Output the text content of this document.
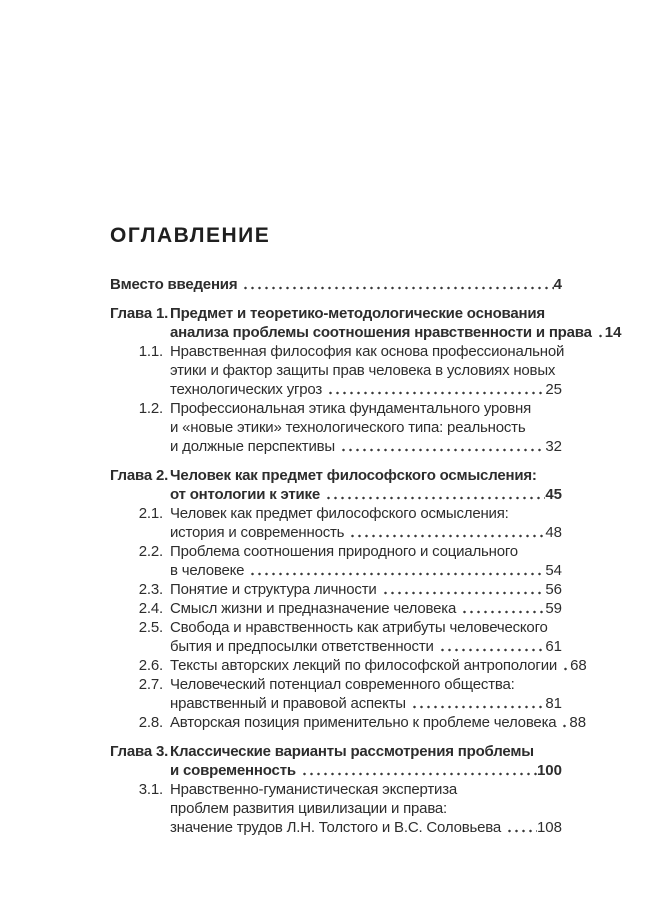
ОГЛАВЛЕНИЕ
Вместо введения	4
Глава 1. Предмет и теоретико-методологические основания
анализа проблемы соотношения нравственности и права 14
1.1. Нравственная философия как основа профессиональной
этики и фактор защиты прав человека в условиях новых
технологических угроз	25
1.2. Профессиональная этика фундаментального уровня
и «новые этики» технологического типа: реальность
и должные перспективы	32
Глава 2. Человек как предмет философского осмысления:
от онтологии к этике	45
2.1. Человек как предмет философского осмысления:
история и современность	48
2.2. Проблема соотношения природного и социального
в человеке	54
2.3. Понятие и структура личности	56
2.4. Смысл жизни и предназначение человека	59
2.5. Свобода и нравственность как атрибуты человеческого
бытия и предпосылки ответственности	61
2.6. Тексты авторских лекций по философской антропологии 68
2.7. Человеческий потенциал современного общества:
нравственный и правовой аспекты	81
2.8. Авторская позиция применительно к проблеме человека 88
Глава 3. Классические варианты рассмотрения проблемы
и современность	100
3.1. Нравственно-гуманистическая экспертиза
проблем развития цивилизации и права:
значение трудов Л.Н. Толстого и В.С. Соловьева 108
